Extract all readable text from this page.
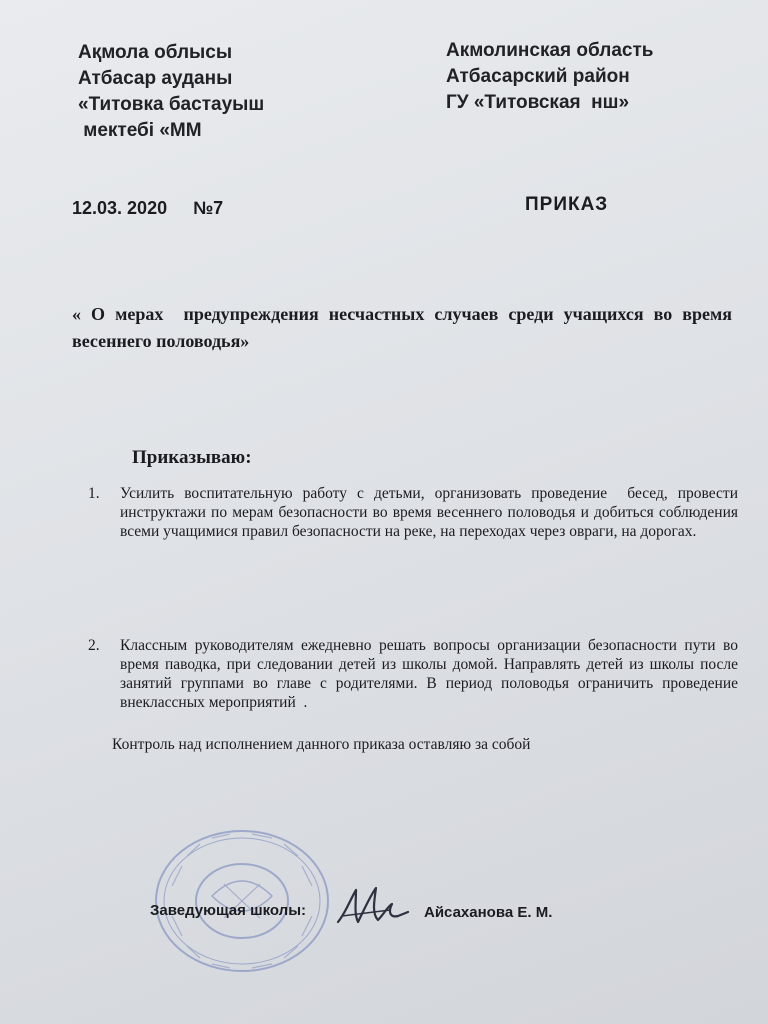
Ақмола облысы
Атбасар ауданы
«Титовка бастауыш
мектебі «ММ
Акмолинская область
Атбасарский район
ГУ «Титовская  нш»
12.03. 2020 №7	ПРИКАЗ
« О мерах  предупреждения несчастных случаев среди учащихся во время весеннего половодья»
Приказываю:
1. Усилить воспитательную работу с детьми, организовать проведение  бесед, провести  инструктажи по мерам безопасности во время весеннего половодья и добиться соблюдения всеми учащимися правил безопасности на реке, на переходах через овраги, на дорогах.
2. Классным руководителям ежедневно решать вопросы организации безопасности пути во время паводка, при следовании детей из школы домой. Направлять детей из школы после занятий группами во главе с родителями. В период половодья ограничить проведение внеклассных мероприятий  .
Контроль над исполнением данного приказа оставляю за собой
Заведующая школы:	Айсаханова Е. М.
